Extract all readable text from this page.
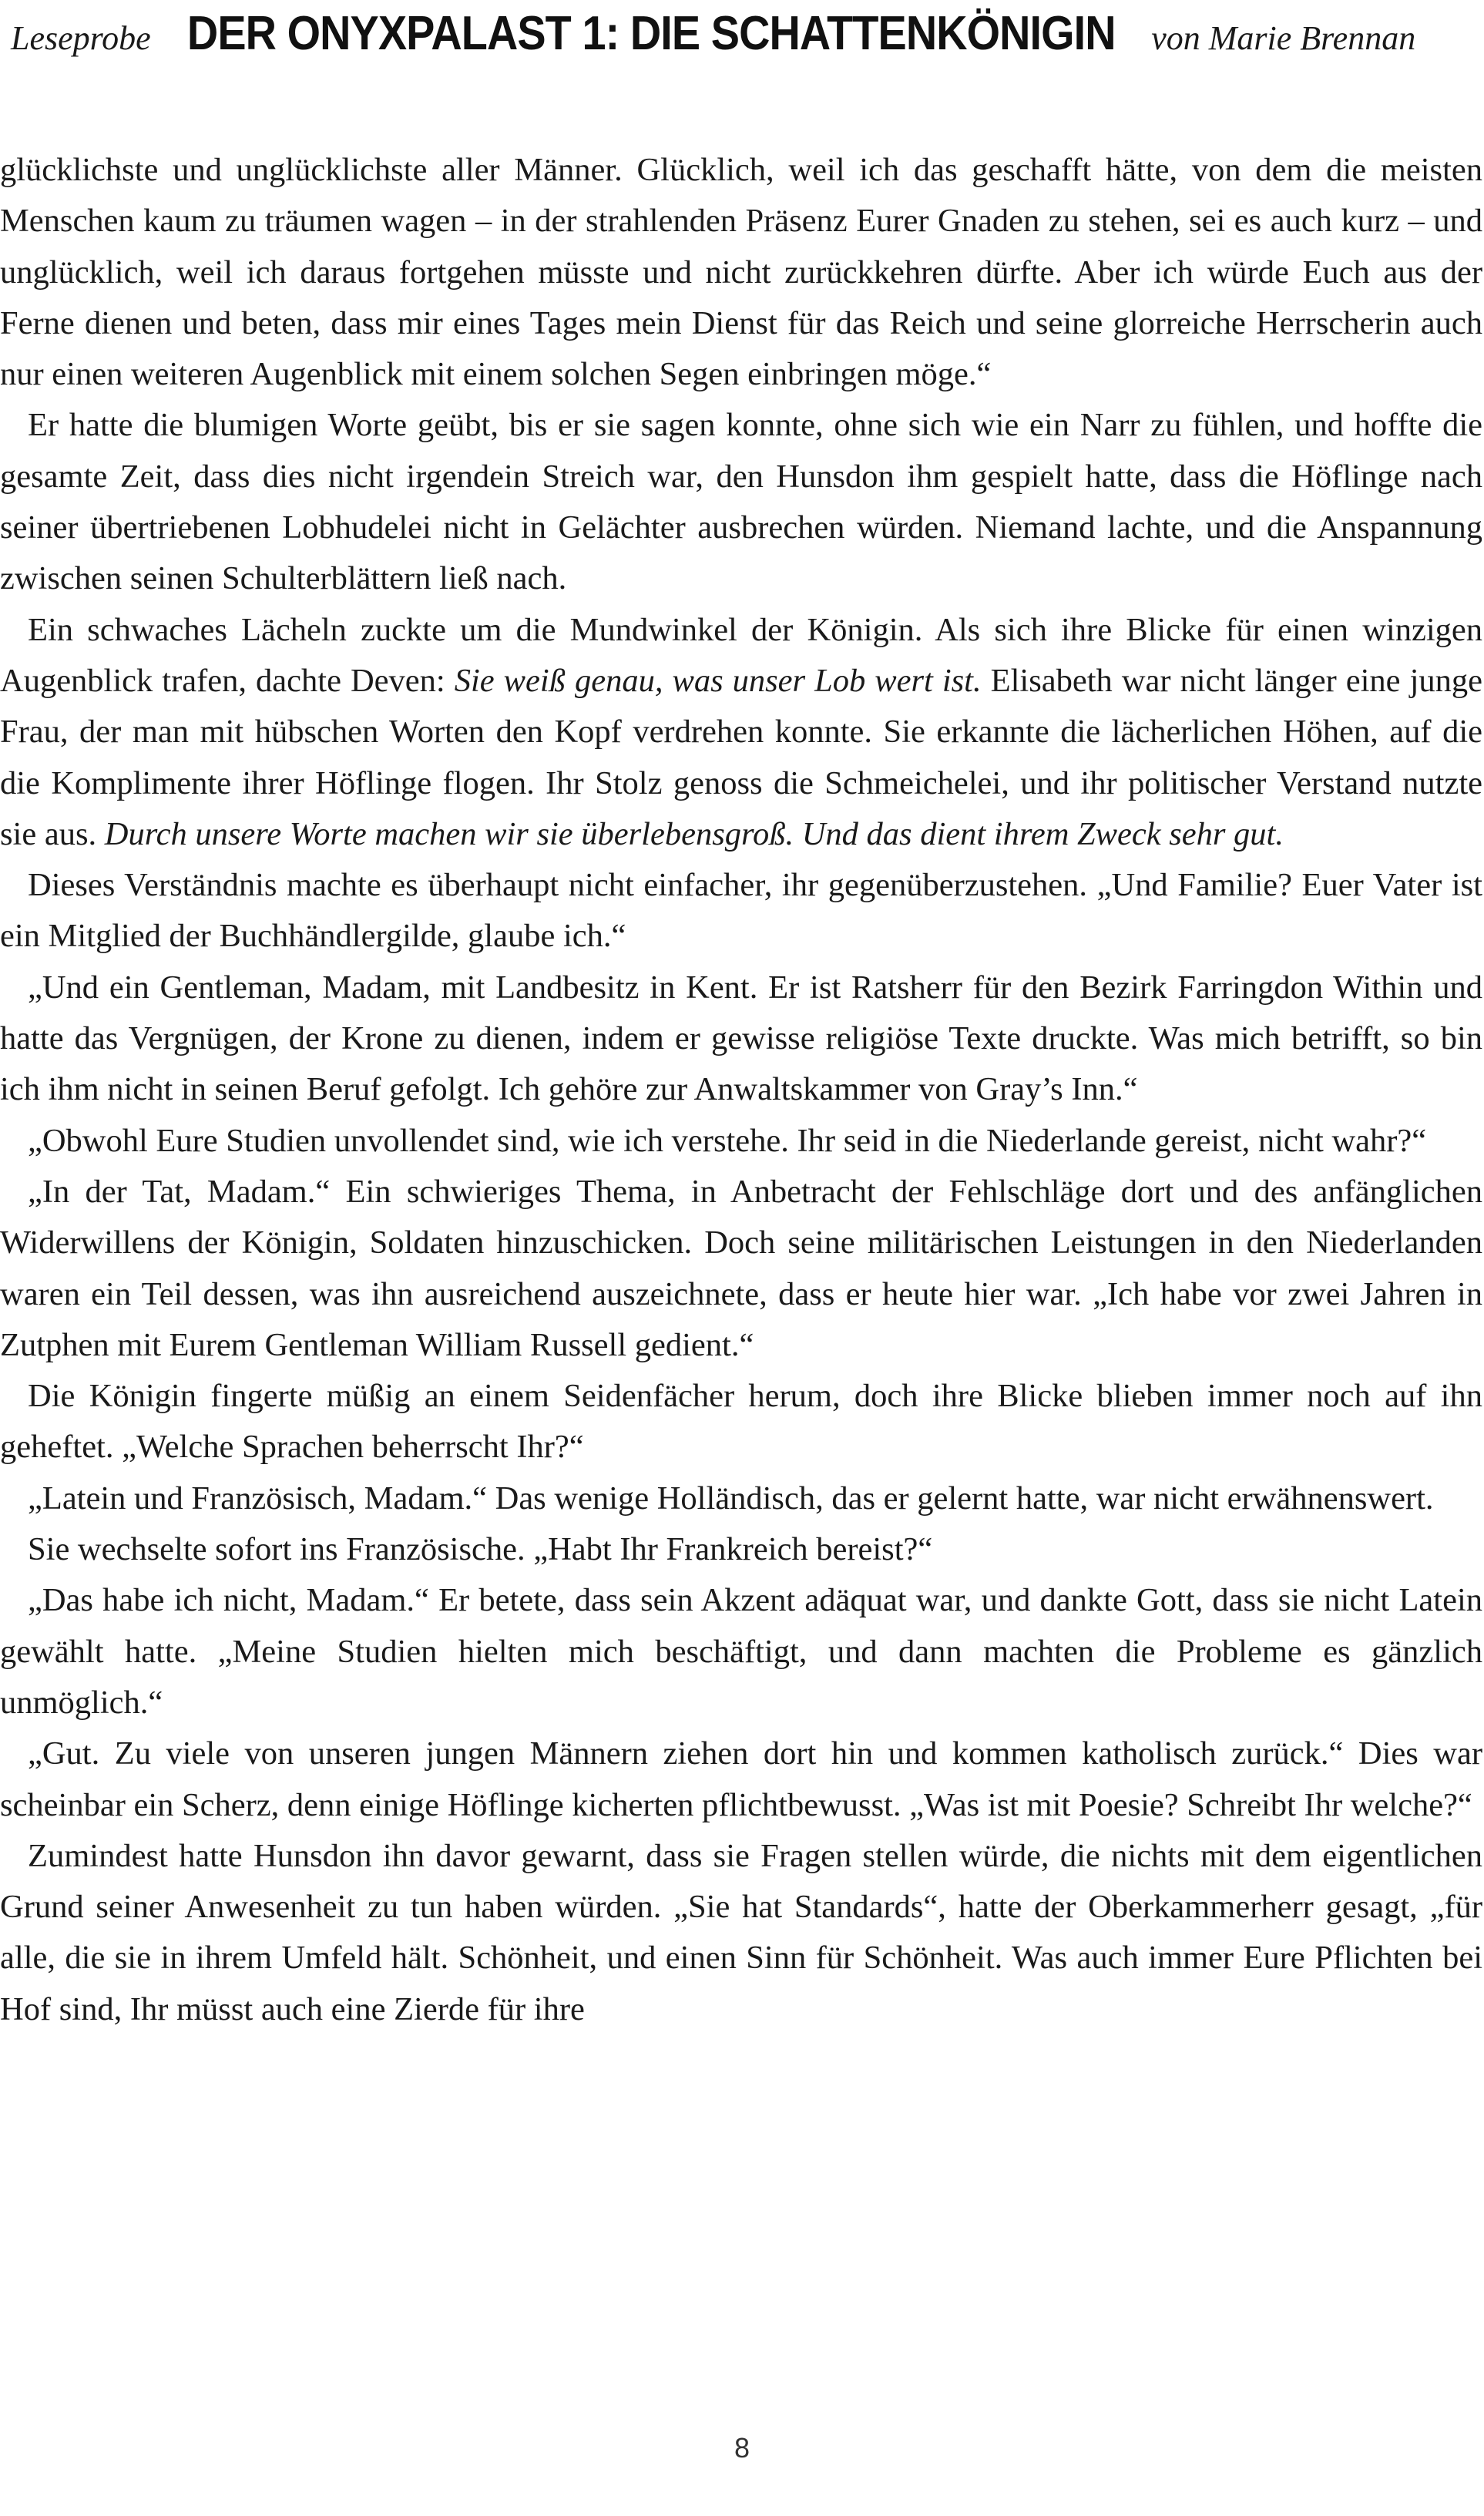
Leseprobe DER ONYXPALAST 1: DIE SCHATTENKÖNIGIN von Marie Brennan

glücklichste und unglücklichste aller Männer. Glücklich, weil ich das geschafft hätte, von dem die meisten Menschen kaum zu träumen wagen – in der strahlenden Präsenz Eurer Gnaden zu stehen, sei es auch kurz – und unglücklich, weil ich daraus fortgehen müsste und nicht zurückkehren dürfte. Aber ich würde Euch aus der Ferne dienen und beten, dass mir eines Tages mein Dienst für das Reich und seine glorreiche Herrscherin auch nur einen weiteren Augenblick mit einem solchen Segen einbringen möge.“

Er hatte die blumigen Worte geübt, bis er sie sagen konnte, ohne sich wie ein Narr zu fühlen, und hoffte die gesamte Zeit, dass dies nicht irgendein Streich war, den Hunsdon ihm gespielt hatte, dass die Höflinge nach seiner übertriebenen Lobhudelei nicht in Gelächter ausbrechen würden. Niemand lachte, und die Anspannung zwischen seinen Schulterblättern ließ nach.

Ein schwaches Lächeln zuckte um die Mundwinkel der Königin. Als sich ihre Blicke für einen winzigen Augenblick trafen, dachte Deven: Sie weiß genau, was unser Lob wert ist. Elisabeth war nicht länger eine junge Frau, der man mit hübschen Worten den Kopf verdrehen konnte. Sie erkannte die lächerlichen Höhen, auf die die Komplimente ihrer Höflinge flogen. Ihr Stolz genoss die Schmeichelei, und ihr politischer Verstand nutzte sie aus. Durch unsere Worte machen wir sie überlebensgroß. Und das dient ihrem Zweck sehr gut.

Dieses Verständnis machte es überhaupt nicht einfacher, ihr gegenüberzustehen. „Und Familie? Euer Vater ist ein Mitglied der Buchhändlergilde, glaube ich.“

„Und ein Gentleman, Madam, mit Landbesitz in Kent. Er ist Ratsherr für den Bezirk Farringdon Within und hatte das Vergnügen, der Krone zu dienen, indem er gewisse religiöse Texte druckte. Was mich betrifft, so bin ich ihm nicht in seinen Beruf gefolgt. Ich gehöre zur Anwaltskammer von Gray’s Inn.“

„Obwohl Eure Studien unvollendet sind, wie ich verstehe. Ihr seid in die Niederlande gereist, nicht wahr?“

„In der Tat, Madam.“ Ein schwieriges Thema, in Anbetracht der Fehlschläge dort und des anfänglichen Widerwillens der Königin, Soldaten hinzuschicken. Doch seine militärischen Leistungen in den Niederlanden waren ein Teil dessen, was ihn ausreichend auszeichnete, dass er heute hier war. „Ich habe vor zwei Jahren in Zutphen mit Eurem Gentleman William Russell gedient.“

Die Königin fingerte müßig an einem Seidenfächer herum, doch ihre Blicke blieben immer noch auf ihn geheftet. „Welche Sprachen beherrscht Ihr?“

„Latein und Französisch, Madam.“ Das wenige Holländisch, das er gelernt hatte, war nicht erwähnenswert.

Sie wechselte sofort ins Französische. „Habt Ihr Frankreich bereist?“

„Das habe ich nicht, Madam.“ Er betete, dass sein Akzent adäquat war, und dankte Gott, dass sie nicht Latein gewählt hatte. „Meine Studien hielten mich beschäftigt, und dann machten die Probleme es gänzlich unmöglich.“

„Gut. Zu viele von unseren jungen Männern ziehen dort hin und kommen katholisch zurück.“ Dies war scheinbar ein Scherz, denn einige Höflinge kicherten pflichtbewusst. „Was ist mit Poesie? Schreibt Ihr welche?“

Zumindest hatte Hunsdon ihn davor gewarnt, dass sie Fragen stellen würde, die nichts mit dem eigentlichen Grund seiner Anwesenheit zu tun haben würden. „Sie hat Standards“, hatte der Oberkammerherr gesagt, „für alle, die sie in ihrem Umfeld hält. Schönheit, und einen Sinn für Schönheit. Was auch immer Eure Pflichten bei Hof sind, Ihr müsst auch eine Zierde für ihre

8
